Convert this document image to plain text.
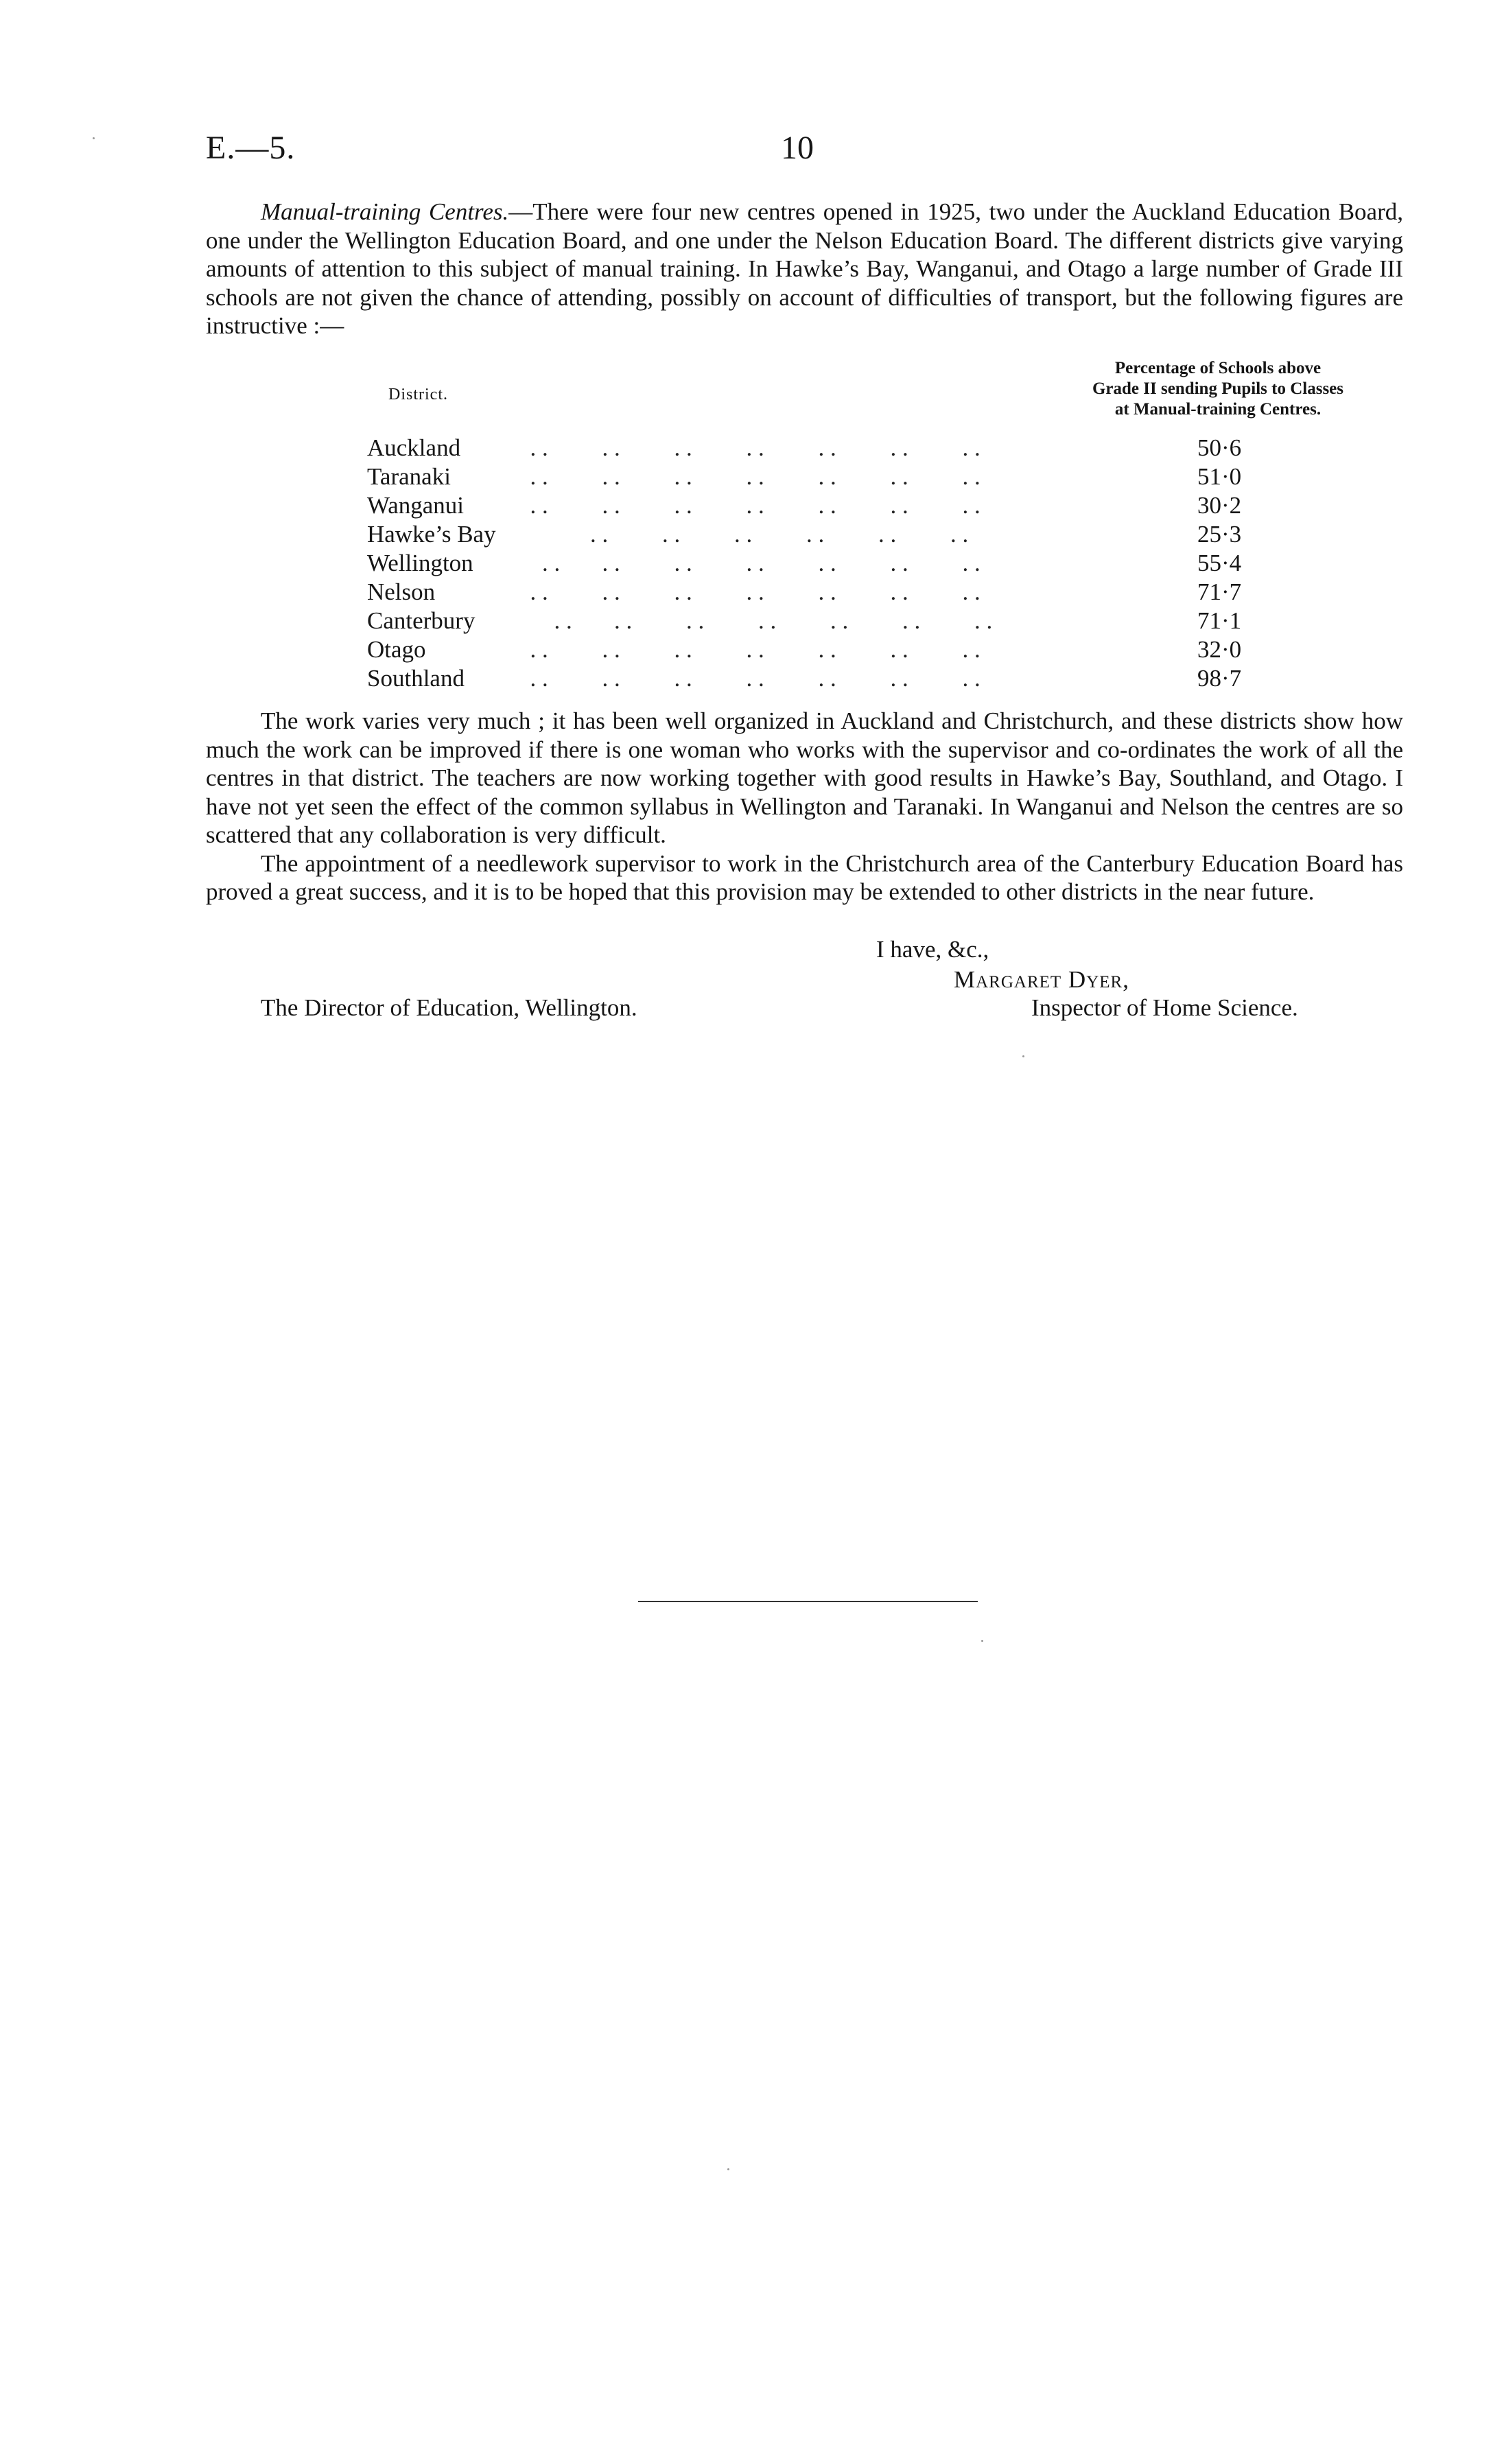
E.—5.	10

Manual-training Centres.—There were four new centres opened in 1925, two under the Auckland Education Board, one under the Wellington Education Board, and one under the Nelson Education Board. The different districts give varying amounts of attention to this subject of manual training. In Hawke’s Bay, Wanganui, and Otago a large number of Grade III schools are not given the chance of attending, possibly on account of difficulties of transport, but the following figures are instructive :—

District.
Percentage of Schools above
Grade II sending Pupils to Classes
at Manual-training Centres.
Auckland . .         . .         . .         . .         . .         . .         . .	50·6
Taranaki	. .         . .         . .         . .         . .         . .         . .	51·0
Wanganui . .         . .         . .         . .         . .         . .         . .	30·2
Hawke’s Bay . .         . .         . .         . .         . .         . .	25·3
Wellington . .       . .         . .         . .         . .         . .         . .	55·4
Nelson	. .         . .         . .         . .         . .         . .         . .	71·7
Canterbury . .       . .         . .         . .         . .         . .         . .	71·1
Otago	. .         . .         . .         . .         . .         . .         . .	32·0
Southland . .         . .         . .         . .         . .         . .         . .	98·7

The work varies very much ; it has been well organized in Auckland and Christchurch, and these districts show how much the work can be improved if there is one woman who works with the supervisor and co-ordinates the work of all the centres in that district. The teachers are now working together with good results in Hawke’s Bay, Southland, and Otago. I have not yet seen the effect of the common syllabus in Wellington and Taranaki. In Wanganui and Nelson the centres are so scattered that any collaboration is very difficult.

The appointment of a needlework supervisor to work in the Christchurch area of the Canterbury Education Board has proved a great success, and it is to be hoped that this provision may be extended to other districts in the near future.

I have, &c.,
Margaret Dyer,
The Director of Education, Wellington.	Inspector of Home Science.
